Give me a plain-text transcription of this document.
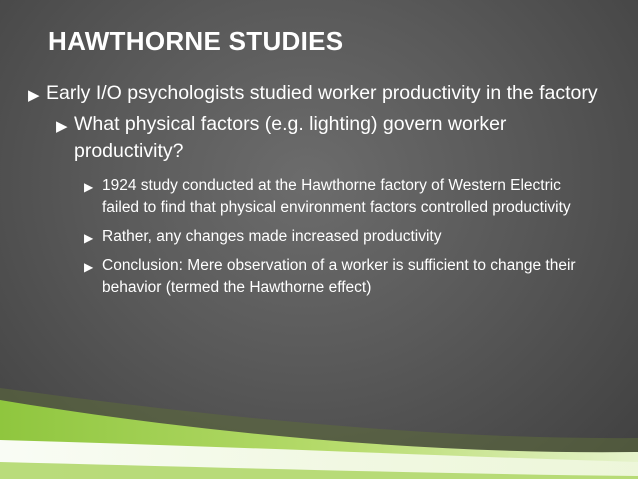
HAWTHORNE STUDIES

▶ Early I/O psychologists studied worker productivity in the factory

▶ What physical factors (e.g. lighting) govern worker productivity?

▶ 1924 study conducted at the Hawthorne factory of Western Electric failed to find that physical environment factors controlled productivity

▶ Rather, any changes made increased productivity

▶ Conclusion: Mere observation of a worker is sufficient to change their behavior (termed the Hawthorne effect)
